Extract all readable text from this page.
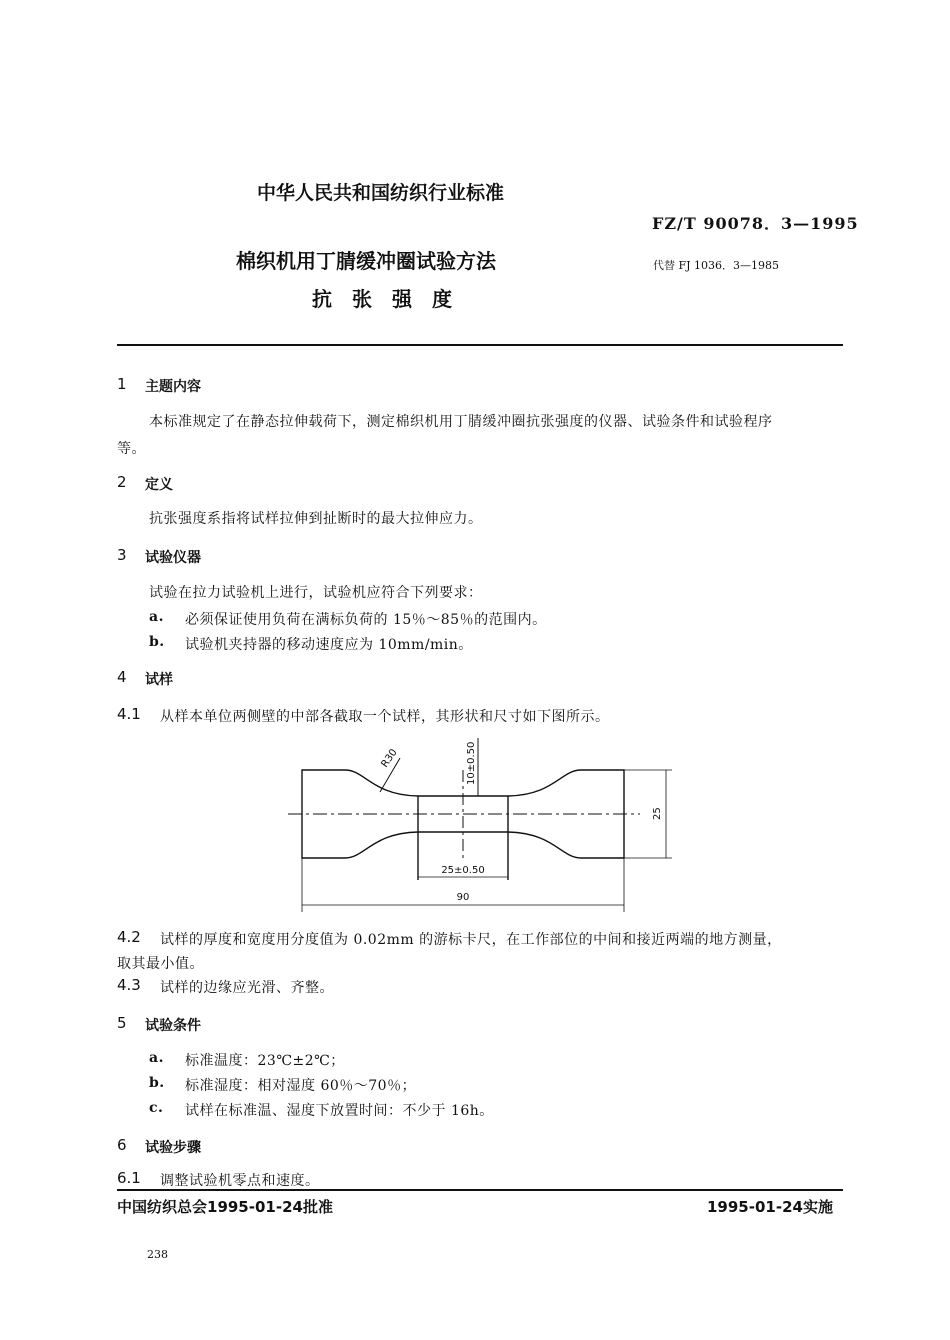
中华人民共和国纺织行业标准
FZ/T 90078．3—1995
棉织机用丁腈缓冲圈试验方法	代替 FJ 1036．3—1985
抗　张　强　度
1 主题内容
本标准规定了在静态拉伸载荷下，测定棉织机用丁腈缓冲圈抗张强度的仪器、试验条件和试验程序
等。
2 定义
抗张强度系指将试样拉伸到扯断时的最大拉伸应力。
3 试验仪器
试验在拉力试验机上进行，试验机应符合下列要求：
a. 必须保证使用负荷在满标负荷的 15％～85％的范围内。
b. 试验机夹持器的移动速度应为 10mm/min。
4 试样
4.1 从样本单位两侧壁的中部各截取一个试样，其形状和尺寸如下图所示。
R30	10±0.50
25
25±0.50
90
4.2 试样的厚度和宽度用分度值为 0.02mm 的游标卡尺，在工作部位的中间和接近两端的地方测量，
取其最小值。
4.3 试样的边缘应光滑、齐整。
5 试验条件
a. 标准温度：23℃±2℃；
b. 标准湿度：相对湿度 60％～70％；
c. 试样在标准温、湿度下放置时间：不少于 16h。
6 试验步骤
6.1 调整试验机零点和速度。
中国纺织总会1995-01-24批准	1995-01-24实施
238
